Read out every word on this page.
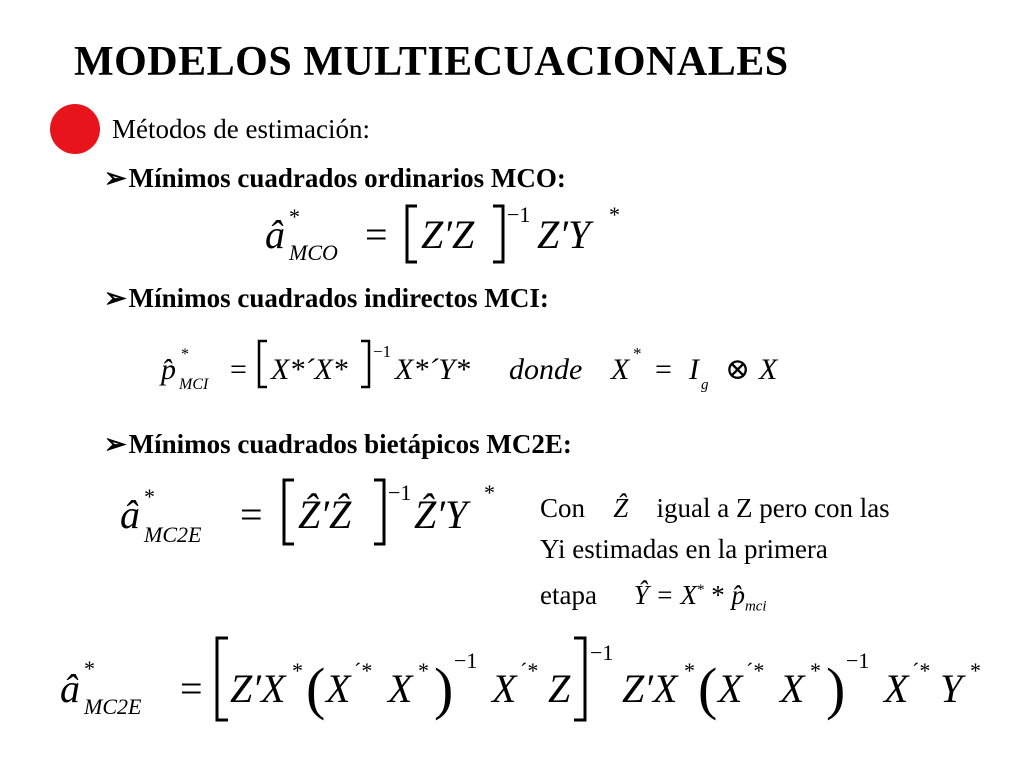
MODELOS MULTIECUACIONALES
Métodos de estimación:
➢Mínimos cuadrados ordinarios MCO:
â *
MCO = Z′Z −1 Z′Y *
➢Mínimos cuadrados indirectos MCI:
p̂ *
MCI = X*´X*
−1
X*´Y* donde X * = I g ⊗ X
➢Mínimos cuadrados bietápicos MC2E:
â *
MC2E = Ẑ′Ẑ −1 Ẑ′Y *
Con Ẑ igual a Z pero con las
Yi estimadas en la primera
etapa Ŷ = $X^* * p̂_{mci}$
â *
MC2E = Z′X * ( X ´* X * ) −1
X ´* Z
−1
Z′X * ( X ´* X * ) −1
X ´* Y *
